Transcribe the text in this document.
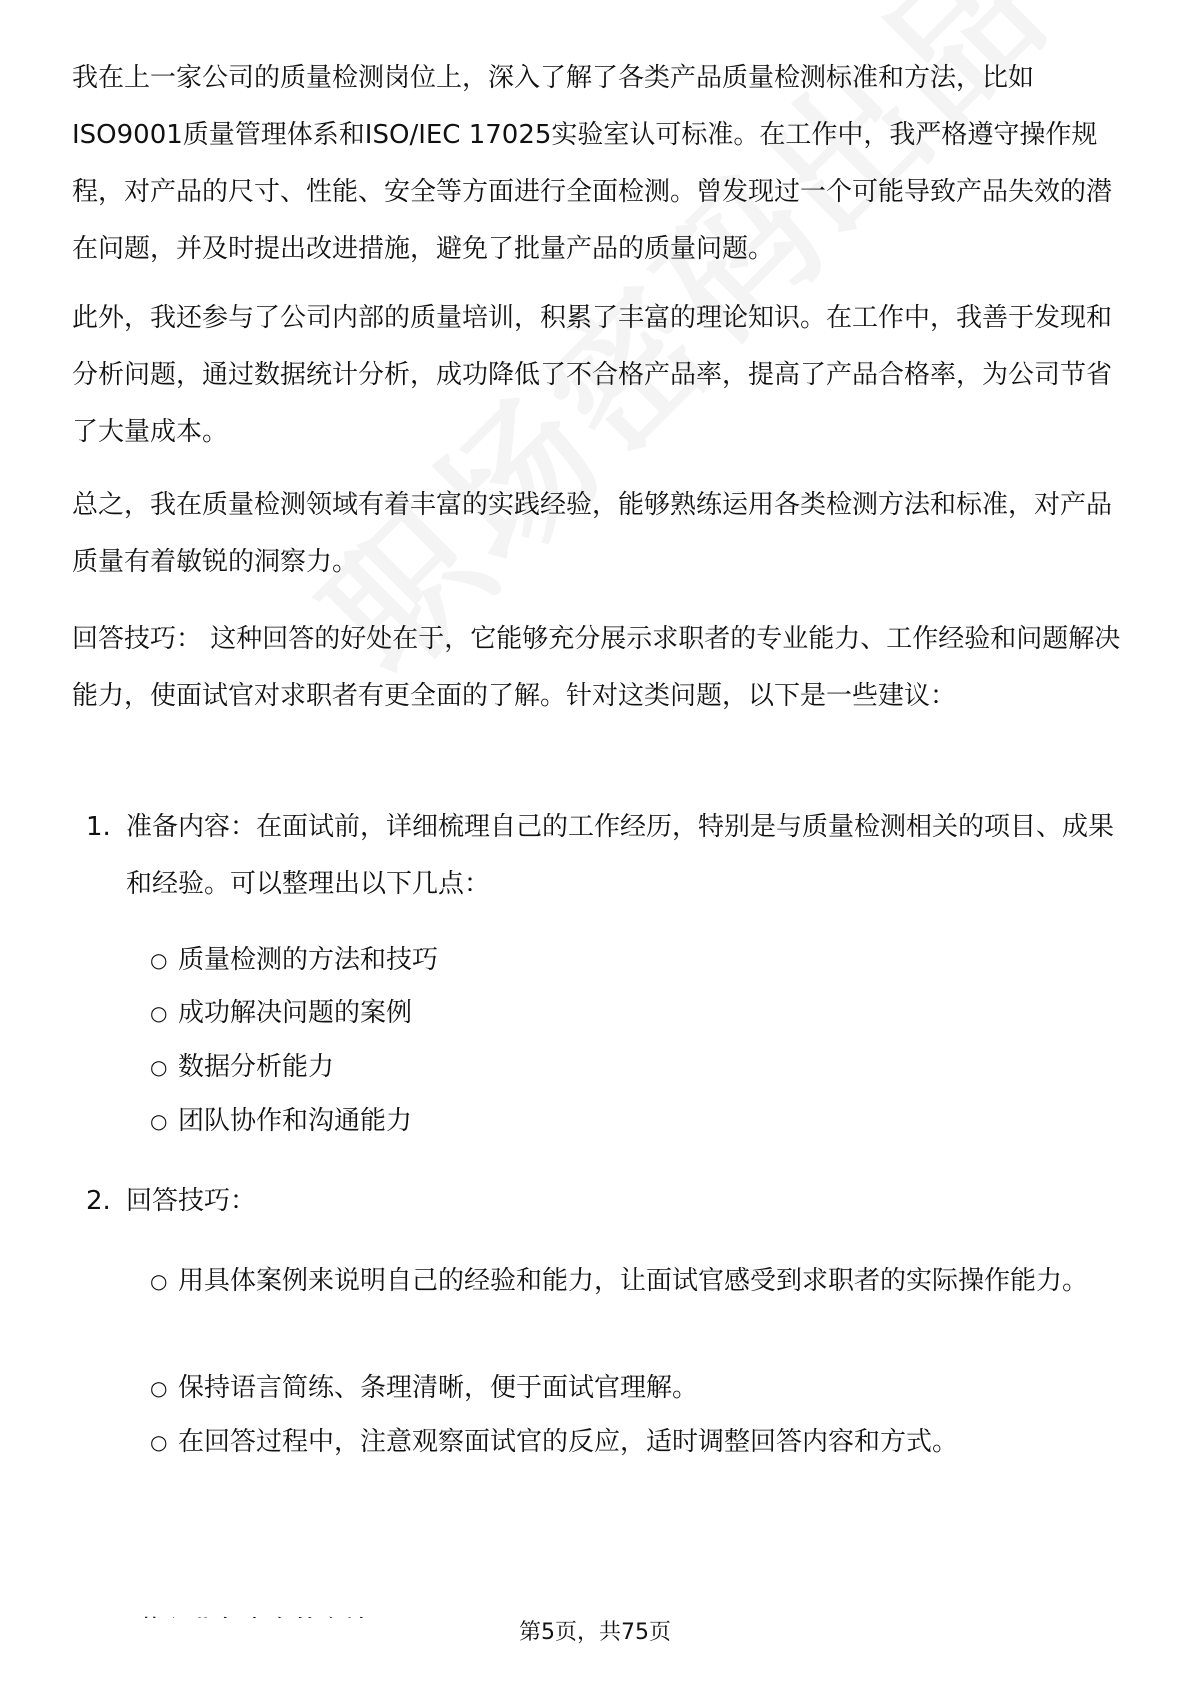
我在上一家公司的质量检测岗位上，深入了解了各类产品质量检测标准和方法，比如ISO9001质量管理体系和ISO/IEC 17025实验室认可标准。在工作中，我严格遵守操作规程，对产品的尺寸、性能、安全等方面进行全面检测。曾发现过一个可能导致产品失效的潜在问题，并及时提出改进措施，避免了批量产品的质量问题。

此外，我还参与了公司内部的质量培训，积累了丰富的理论知识。在工作中，我善于发现和分析问题，通过数据统计分析，成功降低了不合格产品率，提高了产品合格率，为公司节省了大量成本。

总之，我在质量检测领域有着丰富的实践经验，能够熟练运用各类检测方法和标准，对产品质量有着敏锐的洞察力。

回答技巧： 这种回答的好处在于，它能够充分展示求职者的专业能力、工作经验和问题解决能力，使面试官对求职者有更全面的了解。针对这类问题，以下是一些建议：

1. 准备内容：在面试前，详细梳理自己的工作经历，特别是与质量检测相关的项目、成果和经验。可以整理出以下几点：

○ 质量检测的方法和技巧

○ 成功解决问题的案例

○ 数据分析能力

○ 团队协作和沟通能力

2. 回答技巧：

○ 用具体案例来说明自己的经验和能力，让面试官感受到求职者的实际操作能力。

○ 保持语言简练、条理清晰，便于面试官理解。

○ 在回答过程中，注意观察面试官的反应，适时调整回答内容和方式。

第5页，共75页
